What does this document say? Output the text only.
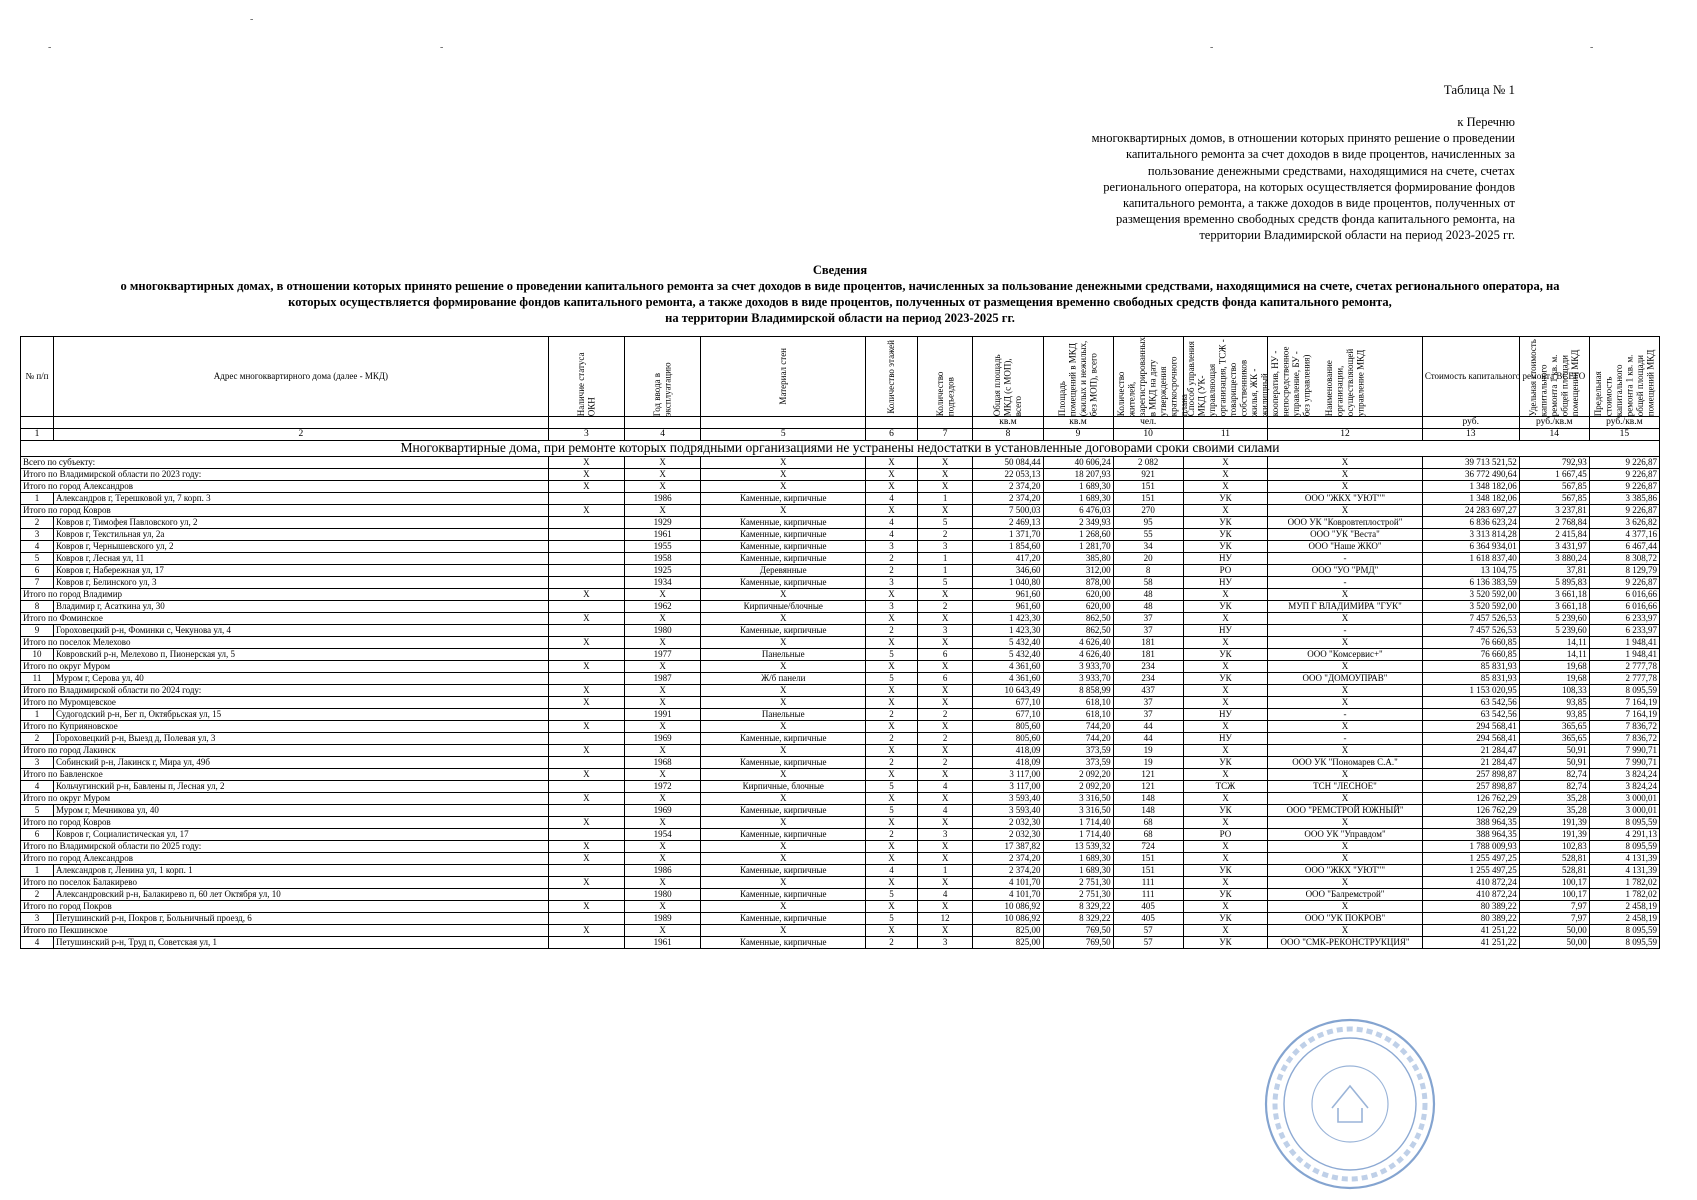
-
-	-	-	-
Таблица № 1
к Перечню
многоквартирных домов, в отношении которых принято решение о проведении
капитального ремонта за счет доходов в виде процентов, начисленных за
пользование денежными средствами, находящимися на счете, счетах
регионального оператора, на которых осуществляется формирование фондов
капитального ремонта, а также доходов в виде процентов, полученных от
размещения временно свободных средств фонда капитального ремонта, на
территории Владимирской области на период 2023-2025 гг.
Сведения
о многоквартирных домах, в отношении которых принято решение о проведении капитального ремонта за счет доходов в виде процентов, начисленных за пользование денежными средствами, находящимися на счете, счетах регионального оператора, на
которых осуществляется формирование фондов капитального ремонта, а также доходов в виде процентов, полученных от размещения временно свободных средств фонда капитального ремонта,
на территории Владимирской области на период 2023-2025 гг.
№ п/п	Адрес многоквартирного дома (далее - МКД)	Наличие статуса ОКН	Год ввода в эксплуатацию	Материал стен	Количество этажей	Количество подъездов	Общая площадь МКД (с МОП), всего	Площадь помещений в МКД (жилых и нежилых, без МОП), всего	Количество жителей, зарегистрированных в МКД на дату утверждения краткосрочного плана	Способ управления МКД (УК-управляющая организация, ТСЖ - товарищество собственников жилья, ЖК - жилищный кооператив, НУ - непосредственное управление, БУ - без управления)	Наименование организации, осуществляющей управление МКД	Стоимость капитального ремонта ВСЕГО	Удельная стоимость капитального ремонта 1 кв. м. общей площади помещений МКД	Предельная стоимость капитального ремонта 1 кв. м. общей площади помещений МКД

							кв.м	кв.м	чел.			руб.	руб./кв.м	руб./кв.м
1	2	3	4	5	6	7	8	9	10	11	12	13	14	15
Многоквартирные дома, при ремонте которых подрядными организациями не устранены недостатки в установленные договорами сроки своими силами														
Всего по субъекту:		Х	Х	Х	Х	Х	50 084,44	40 606,24	2 082	Х	Х	39 713 521,52	792,93	9 226,87
Итого по Владимирской области по 2023 году:		Х	Х	Х	Х	Х	22 053,13	18 207,93	921	Х	Х	36 772 490,64	1 667,45	9 226,87
Итого по город Александров		Х	Х	Х	Х	Х	2 374,20	1 689,30	151	Х	Х	1 348 182,06	567,85	9 226,87
1	Александров г, Терешковой ул, 7 корп. 3		1986	Каменные, кирпичные	4	1	2 374,20	1 689,30	151	УК	ООО "ЖКХ "УЮТ""	1 348 182,06	567,85	3 385,86
Итого по город Ковров		Х	Х	Х	Х	Х	7 500,03	6 476,03	270	Х	Х	24 283 697,27	3 237,81	9 226,87
2	Ковров г, Тимофея Павловского ул, 2		1929	Каменные, кирпичные	4	5	2 469,13	2 349,93	95	УК	ООО УК "Ковровтеплострой"	6 836 623,24	2 768,84	3 626,82
3	Ковров г, Текстильная ул, 2а		1961	Каменные, кирпичные	4	2	1 371,70	1 268,60	55	УК	ООО "УК "Веста"	3 313 814,28	2 415,84	4 377,16
4	Ковров г, Чернышевского ул, 2		1955	Каменные, кирпичные	3	3	1 854,60	1 281,70	34	УК	ООО "Наше ЖКО"	6 364 934,01	3 431,97	6 467,44
5	Ковров г, Лесная ул, 11		1958	Каменные, кирпичные	2	1	417,20	385,80	20	НУ	-	1 618 837,40	3 880,24	8 308,72
6	Ковров г, Набережная ул, 17		1925	Деревянные	2	1	346,60	312,00	8	РО	ООО "УО "РМД"	13 104,75	37,81	8 129,79
7	Ковров г, Белинского ул, 3		1934	Каменные, кирпичные	3	5	1 040,80	878,00	58	НУ	-	6 136 383,59	5 895,83	9 226,87
Итого по город Владимир		Х	Х	Х	Х	Х	961,60	620,00	48	Х	Х	3 520 592,00	3 661,18	6 016,66
8	Владимир г, Асаткина ул, 30		1962	Кирпичные/блочные	3	2	961,60	620,00	48	УК	МУП Г ВЛАДИМИРА "ГУК"	3 520 592,00	3 661,18	6 016,66
Итого по Фоминское		Х	Х	Х	Х	Х	1 423,30	862,50	37	Х	Х	7 457 526,53	5 239,60	6 233,97
9	Гороховецкий р-н, Фоминки с, Чекунова ул, 4		1980	Каменные, кирпичные	2	3	1 423,30	862,50	37	НУ	-	7 457 526,53	5 239,60	6 233,97
Итого по поселок Мелехово		Х	Х	Х	Х	Х	5 432,40	4 626,40	181	Х	Х	76 660,85	14,11	1 948,41
10	Ковровский р-н, Мелехово п, Пионерская ул, 5		1977	Панельные	5	6	5 432,40	4 626,40	181	УК	ООО "Комсервис+"	76 660,85	14,11	1 948,41
Итого по округ Муром		Х	Х	Х	Х	Х	4 361,60	3 933,70	234	Х	Х	85 831,93	19,68	2 777,78
11	Муром г, Серова ул, 40		1987	Ж/б панели	5	6	4 361,60	3 933,70	234	УК	ООО "ДОМОУПРАВ"	85 831,93	19,68	2 777,78
Итого по Владимирской области по 2024 году:		Х	Х	Х	Х	Х	10 643,49	8 858,99	437	Х	Х	1 153 020,95	108,33	8 095,59
Итого по Муромцевское		Х	Х	Х	Х	Х	677,10	618,10	37	Х	Х	63 542,56	93,85	7 164,19
1	Судогодский р-н, Бег п, Октябрьская ул, 15		1991	Панельные	2	2	677,10	618,10	37	НУ	-	63 542,56	93,85	7 164,19
Итого по Куприяновское		Х	Х	Х	Х	Х	805,60	744,20	44	Х	Х	294 568,41	365,65	7 836,72
2	Гороховецкий р-н, Выезд д, Полевая ул, 3		1969	Каменные, кирпичные	2	2	805,60	744,20	44	НУ	-	294 568,41	365,65	7 836,72
Итого по город Лакинск		Х	Х	Х	Х	Х	418,09	373,59	19	Х	Х	21 284,47	50,91	7 990,71
3	Собинский р-н, Лакинск г, Мира ул, 49б		1968	Каменные, кирпичные	2	2	418,09	373,59	19	УК	ООО УК "Пономарев С.А."	21 284,47	50,91	7 990,71
Итого по Бавленское		Х	Х	Х	Х	Х	3 117,00	2 092,20	121	Х	Х	257 898,87	82,74	3 824,24
4	Кольчугинский р-н, Бавлены п, Лесная ул, 2		1972	Кирпичные, блочные	5	4	3 117,00	2 092,20	121	ТСЖ	ТСН "ЛЕСНОЕ"	257 898,87	82,74	3 824,24
Итого по округ Муром		Х	Х	Х	Х	Х	3 593,40	3 316,50	148	Х	Х	126 762,29	35,28	3 000,01
5	Муром г, Мечникова ул, 40		1969	Каменные, кирпичные	5	4	3 593,40	3 316,50	148	УК	ООО "РЕМСТРОЙ ЮЖНЫЙ"	126 762,29	35,28	3 000,01
Итого по город Ковров		Х	Х	Х	Х	Х	2 032,30	1 714,40	68	Х	Х	388 964,35	191,39	8 095,59
6	Ковров г, Социалистическая ул, 17		1954	Каменные, кирпичные	2	3	2 032,30	1 714,40	68	РО	ООО УК "Управдом"	388 964,35	191,39	4 291,13
Итого по Владимирской области по 2025 году:		Х	Х	Х	Х	Х	17 387,82	13 539,32	724	Х	Х	1 788 009,93	102,83	8 095,59
Итого по город Александров		Х	Х	Х	Х	Х	2 374,20	1 689,30	151	Х	Х	1 255 497,25	528,81	4 131,39
1	Александров г, Ленина ул, 1 корп. 1		1986	Каменные, кирпичные	4	1	2 374,20	1 689,30	151	УК	ООО "ЖКХ "УЮТ""	1 255 497,25	528,81	4 131,39
Итого по поселок Балакирево		Х	Х	Х	Х	Х	4 101,70	2 751,30	111	Х	Х	410 872,24	100,17	1 782,02
2	Александровский р-н, Балакирево п, 60 лет Октября ул, 10		1980	Каменные, кирпичные	5	4	4 101,70	2 751,30	111	УК	ООО "Балремстрой"	410 872,24	100,17	1 782,02
Итого по город Покров		Х	Х	Х	Х	Х	10 086,92	8 329,22	405	Х	Х	80 389,22	7,97	2 458,19
3	Петушинский р-н, Покров г, Больничный проезд, 6		1989	Каменные, кирпичные	5	12	10 086,92	8 329,22	405	УК	ООО "УК ПОКРОВ"	80 389,22	7,97	2 458,19
Итого по Пекшинское		Х	Х	Х	Х	Х	825,00	769,50	57	Х	Х	41 251,22	50,00	8 095,59
4	Петушинский р-н, Труд п, Советская ул, 1		1961	Каменные, кирпичные	2	3	825,00	769,50	57	УК	ООО "СМК-РЕКОНСТРУКЦИЯ"	41 251,22	50,00	8 095,59
